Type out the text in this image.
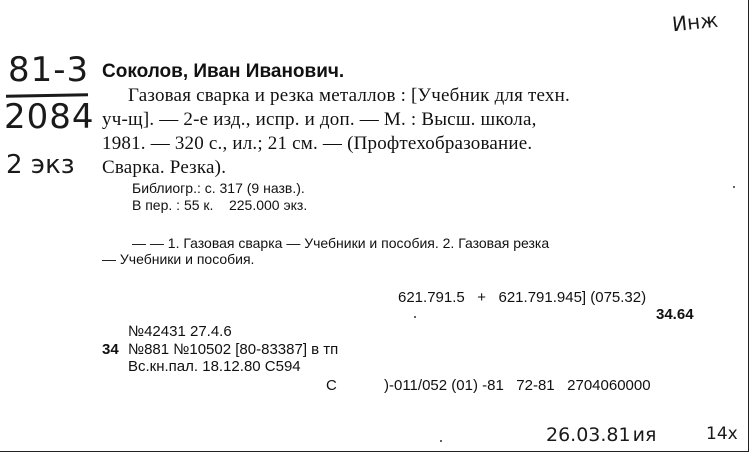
81-3
2084
2 экз
Инж
26.03.81 ия	14х
Соколов, Иван Иванович.
Газовая сварка и резка металлов : [Учебник для техн.
уч-щ]. — 2-е изд., испр. и доп. — М. : Высш. школа,
1981. — 320 с., ил.; 21 см. — (Профтехобразование.
Сварка. Резка).
Библиогр.: с. 317 (9 назв.).
В пер. : 55 к.    225.000 экз.
— — 1. Газовая сварка — Учебники и пособия. 2. Газовая резка
— Учебники и пособия.
621.791.5   +   621.791.945] (075.32)
34.64
№42431 27.4.6
34 №881 №10502 [80-83387] в тп
Вс.кн.пал. 18.12.80 С594
С	)-011/052 (01) -81   72-81   2704060000
